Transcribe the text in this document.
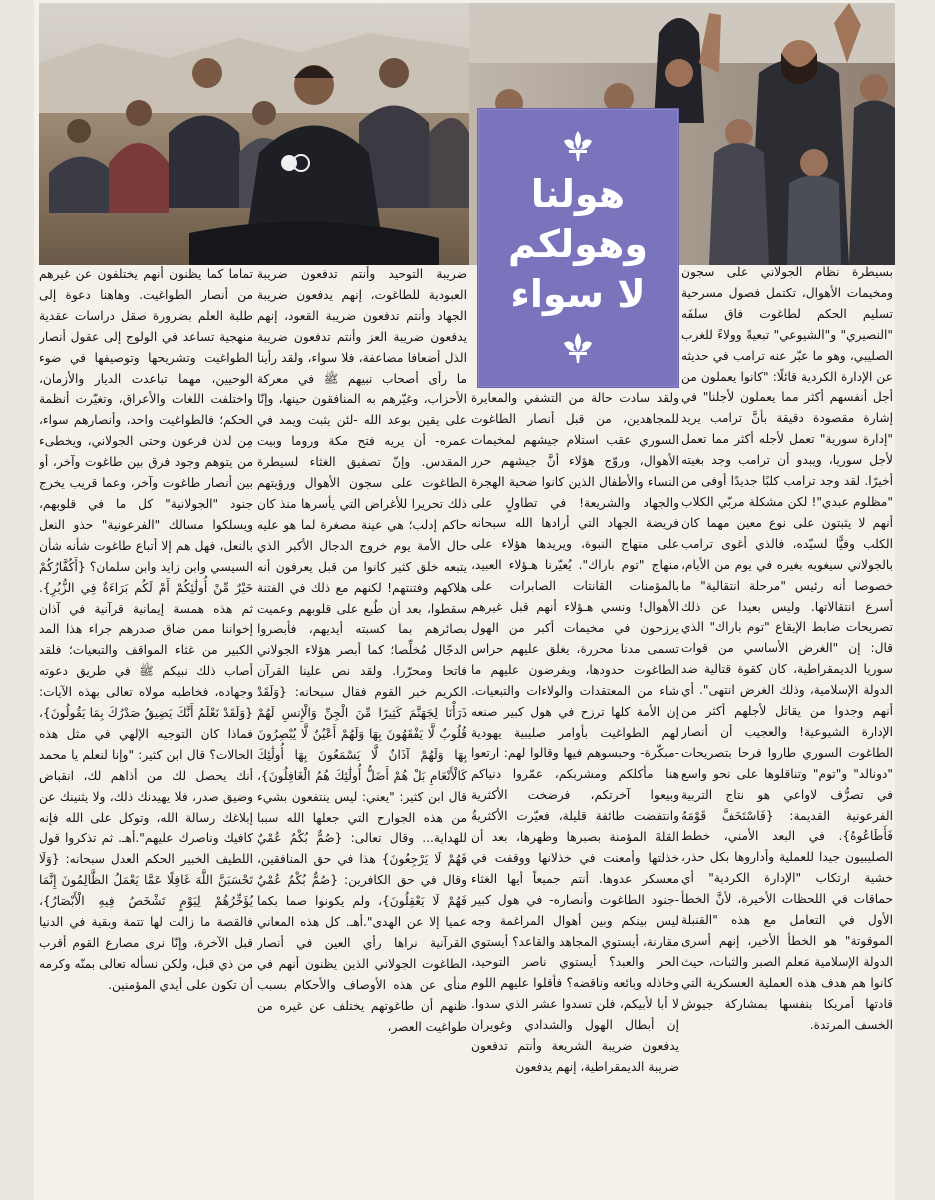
هولنا
وهولكم
لا سواء	بسيطرة نظام الجولاني على سجون ومخيمات الأهوال، تكتمل فصول مسرحية تسليم الحكم لطاغوت فاق سلفَه "النصيري" و"الشيوعي" تبعيةً وولاءً للغرب الصليبي، وهو ما عبّر عنه ترامب في حديثه عن الإدارة الكردية قائلًا: "كانوا يعملون من أجل أنفسهم أكثر مما يعملون لأجلنا" في إشارة مقصودة دقيقة بأنَّ ترامب يريد "إدارة سورية" تعمل لأجله أكثر مما تعمل لأجل سوريا، ويبدو أن ترامب وجد بغيته أخيرًا. لقد وجد ترامب كلبًا جديدًا أوفى من "مظلوم عبدي"! لكن مشكلة مربّي الكلاب أنهم لا يثبتون على نوع معين مهما كان الكلب وفيًّا لسيّده، فالذي أغوى ترامب بالجولاني سيغويه بغيره في يوم من الأيام، خصوصا أنه رئيس "مرحلة انتقالية" ما أسرع انتقالاتها. وليس بعيدا عن ذلك تصريحات ضابط الإيقاع "توم باراك" الذي قال: إن "الغرض الأساسي من قوات سوريا الديمقراطية، كان كقوة قتالية ضد الدولة الإسلامية، وذلك الغرض انتهى". أي أنهم وجدوا من يقاتل لأجلهم أكثر من الإدارة الشيوعية! والعجيب أن أنصار الطاغوت السوري طاروا فرحا بتصريحات "دونالد" و"توم" وتناقلوها على نحو واسع في تصرُّف لاواعي هو نتاج التربية الفرعونية القديمة: {فَاسْتَخَفَّ قَوْمَهُ فَأَطَاعُوهُ}. في البعد الأمني، خطط الصليبيون جيدا للعملية وأداروها بكل حذر، خشية ارتكاب "الإدارة الكردية" أي حماقات في اللحظات الأخيرة، لأنَّ الخطأ الأول في التعامل مع هذه "القنبلة الموقوتة" هو الخطأ الأخير، إنهم أسرى الدولة الإسلامية مَعلم الصبر والثبات، حيث كانوا هم هدف هذه العملية العسكرية التي قادتها أمريكا بنفسها بمشاركة جيوش الخسف المرتدة.

ولقد سادت حالة من التشفي والمعايرة للمجاهدين، من قبل أنصار الطاغوت السوري عقب استلام جيشهم لمخيمات الأهوال، وروّج هؤلاء أنَّ جيشهم حرر النساء والأطفال الذين كانوا ضحية الهجرة والجهاد والشريعة! في تطاولٍ على فريضة الجهاد التي أرادها الله سبحانه على منهاج النبوة، ويريدها هؤلاء على منهاج "توم باراك". يُعيّرنا هـؤلاء العبيد، بالمؤمنات القانتات الصابرات على الأهوال! ونسي هـؤلاء أنهم قبل غيرهم يرزحون في مخيمات أكبر من الهول تسمى مدنا محررة، يغلق عليهم حراس الطاغوت حدودها، ويفرضون عليهم ما شاء من المعتقدات والولاءات والتبعيات. إن الأمة كلها ترزح في هول كبير صنعه لهم الطواغيت بأوامر صليبية يهودية -مبكّرة- وحبسوهم فيها وقالوا لهم: ارتعوا هنا مأكلكم ومشربكم، عمّروا دنياكم وبيعوا آخرتكم، فرضخت الأكثرية وانتفضت طائفة قليلة، فعيّرت الأكثريةُ القلةَ المؤمنة بصبرها وطهرها، بعد أن خذلتها وأمعنت في خذلانها ووقفت في معسكر عدوها. أنتم جميعاً أيها الغثاء -جنود الطاغوت وأنصاره- في هول كبير ليس بينكم وبين أهوال المراغمة وجه مقارنة، أيستوي المجاهد والقاعد؟ أيستوي الحر والعبد؟ أيستوي ناصر التوحيد، وخاذله وبائعه وناقضه؟ فأقلوا عليهم اللوم لا أبا لأبيكم، فلن تسدوا عشر الذي سدوا. إن أبطال الهول والشدادي وغويران يدفعون ضريبة الشريعة وأنتم تدفعون ضريبة الديمقراطية، إنهم يدفعون

ضريبة التوحيد وأنتم تدفعون ضريبة العبودية للطاغوت، إنهم يدفعون ضريبة الجهاد وأنتم تدفعون ضريبة القعود، إنهم يدفعون ضريبة العز وأنتم تدفعون ضريبة الذل أضعافا مضاعفة، فلا سواء، ولقد رأينا ما رأى أصحاب نبيهم ﷺ في معركة الأحزاب، وغيّرهم به المنافقون حينها، وإنّا على يقين بوعد الله -لئن يثبت ويمد في عمره- أن يريه فتح مكة وروما وبيت المقدس. وإنّ تصفيق الغثاء لسيطرة الطاغوت على سجون الأهوال ورؤيتهم ذلك تحريرا للأغراض التي يأسرها منذ كان حاكم إدلب؛ هي عينة مصغرة لما هو عليه حال الأمة يوم خروج الدجال الأكبر الذي يتبعه خلق كثير كانوا من قبل يعرفون أنه هلاكهم وفتنتهم! لكنهم مع ذلك في الفتنة سقطوا، بعد أن طُبع على قلوبهم وعميت بصائرهم بما كسبته أيديهم، فأبصروا الدجّال مُخلِّصا؛ كما أبصر هؤلاء الجولاني فاتحا ومحرّرا. ولقد نص علينا القرآن الكريم خبر القوم فقال سبحانه: {وَلَقَدْ ذَرَأْنَا لِجَهَنَّمَ كَثِيرًا مِّنَ الْجِنِّ وَالْإِنسِ لَهُمْ قُلُوبٌ لَّا يَفْقَهُونَ بِهَا وَلَهُمْ أَعْيُنٌ لَّا يُبْصِرُونَ بِهَا وَلَهُمْ آذَانٌ لَّا يَسْمَعُونَ بِهَا أُولَٰئِكَ كَالْأَنْعَامِ بَلْ هُمْ أَضَلُّ أُولَٰئِكَ هُمُ الْغَافِلُونَ}، قال ابن كثير: "يعني: ليس ينتفعون بشيء من هذه الجوارح التي جعلها الله سببا للهداية... وقال تعالى: {صُمٌّ بُكْمٌ عُمْيٌ فَهُمْ لَا يَرْجِعُونَ} هذا في حق المنافقين، وقال في حق الكافرين: {صُمٌّ بُكْمٌ عُمْيٌ فَهُمْ لَا يَعْقِلُونَ}، ولم يكونوا صما بكما عميا إلا عن الهدى".أهـ. كل هذه المعاني القرآنية نراها رأي العين في أنصار الطاغوت الجولاني الذين يظنون أنهم في منأى عن هذه الأوصاف والأحكام بسبب ظنهم أن طاغوتهم يختلف عن غيره من طواغيت العصر،

تماما كما يظنون أنهم يختلفون عن غيرهم من أنصار الطواغيت. وهاهنا دعوة إلى طلبة العلم بضرورة صقل دراسات عقدية منهجية تساعد في الولوج إلى عقول أنصار الطواغيت وتشريحها وتوصيفها في ضوء الوحيين، مهما تباعدت الديار والأزمان، واختلفت اللغات والأعراق، وتغيّرت أنظمة الحكم؛ فالطواغيت واحد، وأنصارهم سواء، مِن لدن فرعون وحتى الجولاني، ويخطىء من يتوهم وجود فرق بين طاغوت وآخر، أو بين أنصار طاغوت وآخر، وعما قريب يخرج جنود "الجولانية" كل ما في قلوبهم، ويسلكوا مسالك "الفرعونية" حذو النعل بالنعل، فهل هم إلا أتباع طاغوت شأنه شأن السيسي وابن زايد وابن سلمان؟ {أَكُفَّارُكُمْ خَيْرٌ مِّنْ أُولَٰئِكُمْ أَمْ لَكُم بَرَاءَةٌ فِي الزُّبُرِ}. ثم هذه همسة إيمانية قرآنية في آذان إخواننا ممن ضاق صدرهم جراء هذا المد الكبير من غثاء المواقف والتبعيات؛ فلقد أصاب ذلك نبيكم ﷺ في طريق دعوته وجهاده، فخاطبه مولاه تعالى بهذه الآيات: {وَلَقَدْ نَعْلَمُ أَنَّكَ يَضِيقُ صَدْرُكَ بِمَا يَقُولُونَ}، فماذا كان التوجيه الإلهي في مثل هذه الحالات؟ قال ابن كثير: "وإنا لنعلم يا محمد أنك يحصل لك من أذاهم لك، انقباض وضيق صدر، فلا يهيدنك ذلك، ولا يثنينك عن إبلاغك رسالة الله، وتوكل على الله فإنه كافيك وناصرك عليهم".أهـ. ثم تذكروا قول اللطيف الخبير الحكم العدل سبحانه: {وَلَا تَحْسَبَنَّ اللَّهَ غَافِلًا عَمَّا يَعْمَلُ الظَّالِمُونَ إِنَّمَا يُؤَخِّرُهُمْ لِيَوْمٍ تَشْخَصُ فِيهِ الْأَبْصَارُ}، فالقصة ما زالت لها تتمة وبقية في الدنيا قبل الآخرة، وإنّا نرى مصارع القوم أقرب من ذي قبل، ولكن نسأله تعالى بمنّه وكرمه أن تكون على أيدي المؤمنين.
